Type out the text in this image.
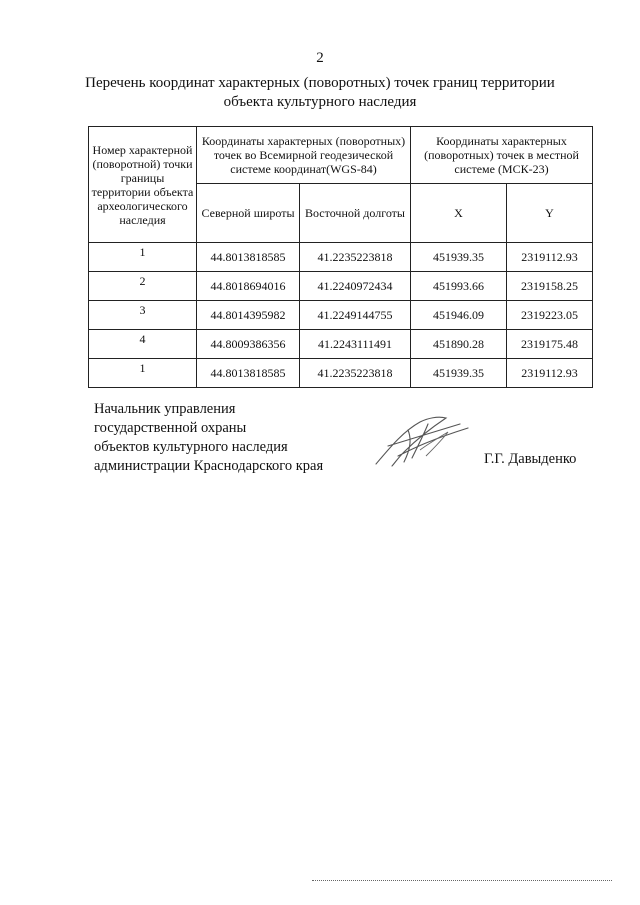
2
Перечень координат характерных (поворотных) точек границ территории
объекта культурного наследия
Номер характерной (поворотной) точки границы территории объекта археологического наследия	Координаты характерных (поворотных) точек во Всемирной геодезической системе координат(WGS-84)		Координаты характерных (поворотных) точек в местной системе (МСК-23)	
	Северной широты	Восточной долготы	X	Y
1	44.8013818585	41.2235223818	451939.35	2319112.93
2	44.8018694016	41.2240972434	451993.66	2319158.25
3	44.8014395982	41.2249144755	451946.09	2319223.05
4	44.8009386356	41.2243111491	451890.28	2319175.48
1	44.8013818585	41.2235223818	451939.35	2319112.93
Начальник управления
государственной охраны
объектов культурного наследия
администрации Краснодарского края	Г.Г. Давыденко
